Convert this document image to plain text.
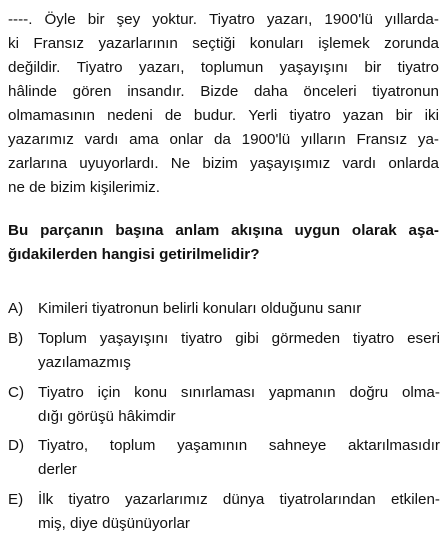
----. Öyle bir şey yoktur. Tiyatro yazarı, 1900'lü yıllarda-
ki Fransız yazarlarının seçtiği konuları işlemek zorunda
değildir. Tiyatro yazarı, toplumun yaşayışını bir tiyatro
hâlinde gören insandır. Bizde daha önceleri tiyatronun
olmamasının nedeni de budur. Yerli tiyatro yazan bir iki
yazarımız vardı ama onlar da 1900'lü yılların Fransız ya-
zarlarına uyuyorlardı. Ne bizim yaşayışımız vardı onlarda
ne de bizim kişilerimiz.
Bu parçanın başına anlam akışına uygun olarak aşa-
ğıdakilerden hangisi getirilmelidir?
A) Kimileri tiyatronun belirli konuları olduğunu sanır
B) Toplum yaşayışını tiyatro gibi görmeden tiyatro eseri
yazılamazmış
C) Tiyatro için konu sınırlaması yapmanın doğru olma-
dığı görüşü hâkimdir
D) Tiyatro, toplum yaşamının sahneye aktarılmasıdır
derler
E) İlk tiyatro yazarlarımız dünya tiyatrolarından etkilen-
miş, diye düşünüyorlar
